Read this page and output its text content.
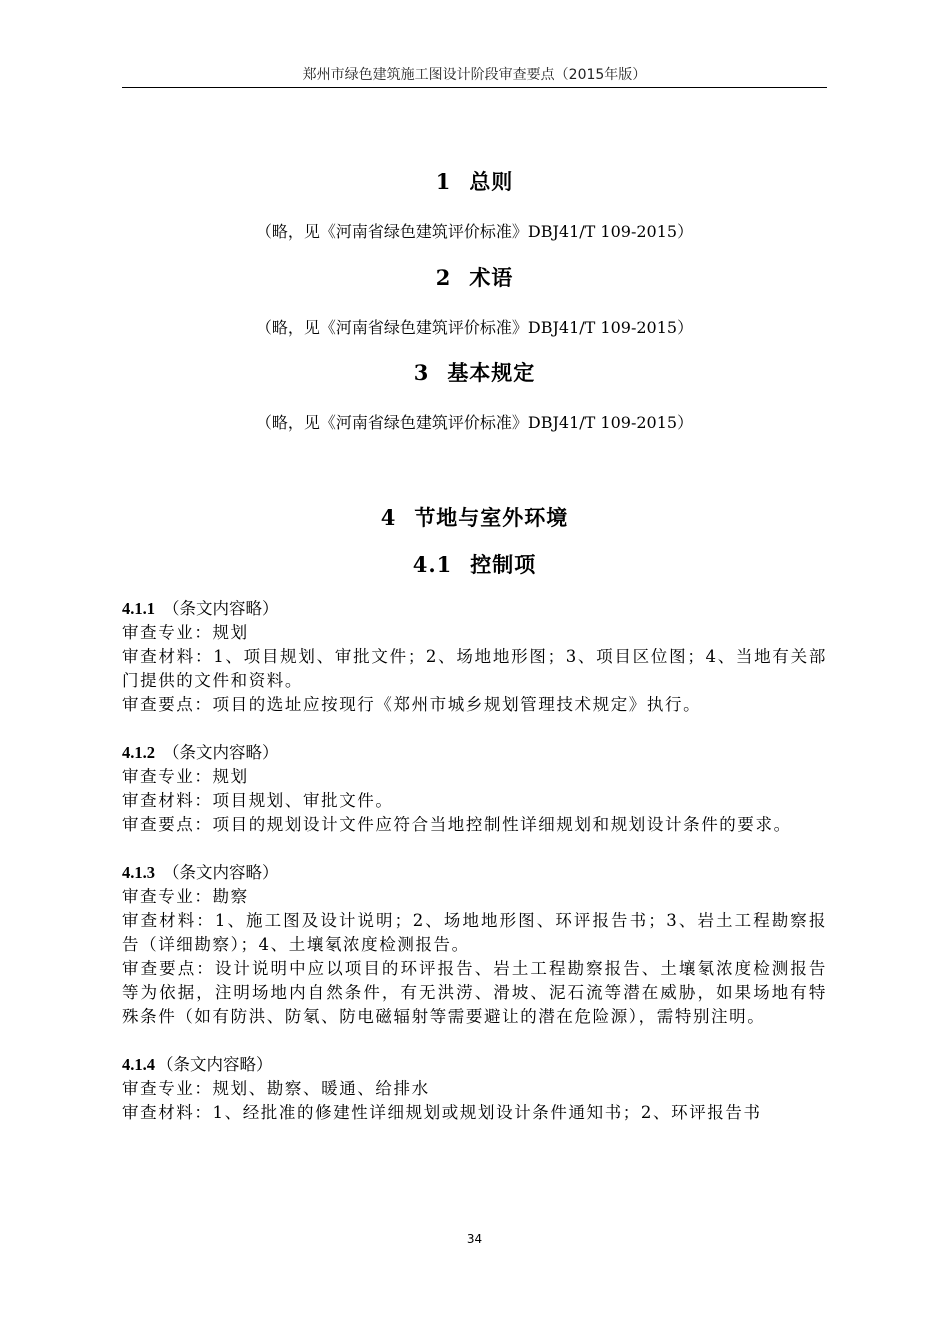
郑州市绿色建筑施工图设计阶段审查要点（2015年版）
1 总则
（略，见《河南省绿色建筑评价标准》DBJ41/T 109-2015）
2 术语
（略，见《河南省绿色建筑评价标准》DBJ41/T 109-2015）
3 基本规定
（略，见《河南省绿色建筑评价标准》DBJ41/T 109-2015）
4 节地与室外环境
4.1 控制项
4.1.1 （条文内容略）
审查专业：规划
审查材料：1、项目规划、审批文件；2、场地地形图；3、项目区位图；4、当地有关部门提供的文件和资料。
审查要点：项目的选址应按现行《郑州市城乡规划管理技术规定》执行。
4.1.2 （条文内容略）
审查专业：规划
审查材料：项目规划、审批文件。
审查要点：项目的规划设计文件应符合当地控制性详细规划和规划设计条件的要求。
4.1.3 （条文内容略）
审查专业：勘察
审查材料：1、施工图及设计说明；2、场地地形图、环评报告书；3、岩土工程勘察报告（详细勘察）；4、土壤氡浓度检测报告。
审查要点：设计说明中应以项目的环评报告、岩土工程勘察报告、土壤氡浓度检测报告等为依据，注明场地内自然条件，有无洪涝、滑坡、泥石流等潜在威胁，如果场地有特殊条件（如有防洪、防氡、防电磁辐射等需要避让的潜在危险源），需特别注明。
4.1.4 （条文内容略）
审查专业：规划、勘察、暖通、给排水
审查材料：1、经批准的修建性详细规划或规划设计条件通知书；2、环评报告书
34
